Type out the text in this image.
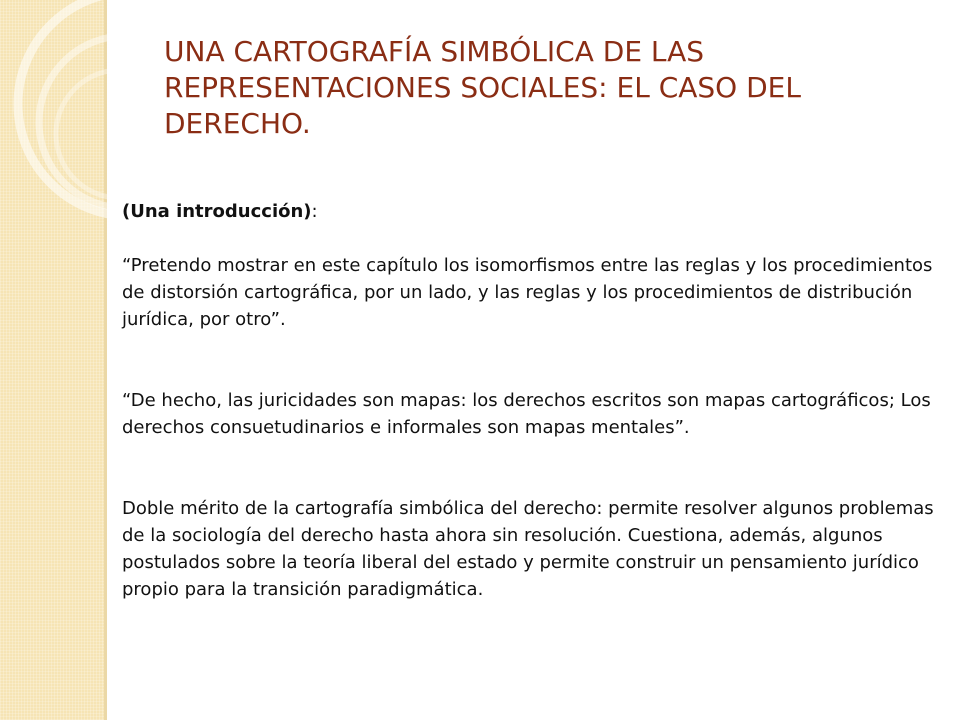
UNA CARTOGRAFÍA SIMBÓLICA DE LAS REPRESENTACIONES SOCIALES: EL CASO DEL DERECHO.

(Una introducción):

“Pretendo mostrar en este capítulo los isomorfismos entre las reglas y los procedimientos de distorsión cartográfica, por un lado, y las reglas y los procedimientos de distribución jurídica, por otro”.

“De hecho, las juricidades son mapas: los derechos escritos son mapas cartográficos; Los derechos consuetudinarios e informales son mapas mentales”.

Doble mérito de la cartografía simbólica del derecho: permite resolver algunos problemas de la sociología del derecho hasta ahora sin resolución. Cuestiona, además, algunos postulados sobre la teoría liberal del estado y permite construir un pensamiento jurídico propio para la transición paradigmática.
